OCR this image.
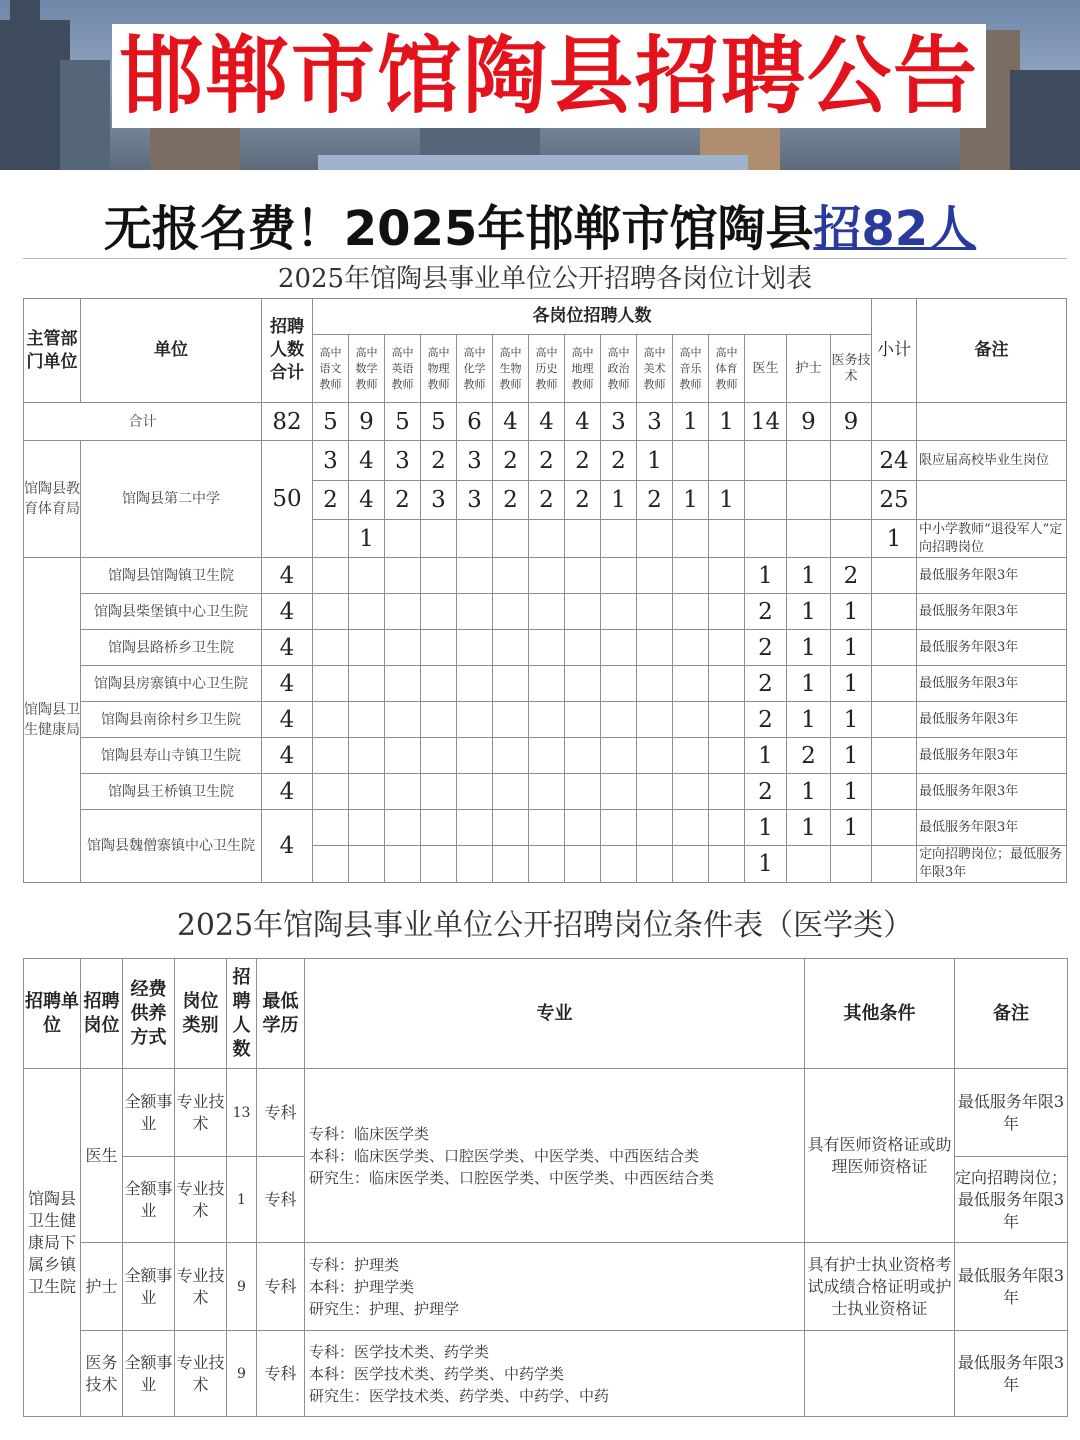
邯郸市馆陶县招聘公告
无报名费！2025年邯郸市馆陶县招82人
2025年馆陶县事业单位公开招聘各岗位计划表
主管部门单位	单位	招聘人数合计	各岗位招聘人数															小计	备注
			高中语文教师	高中数学教师	高中英语教师	高中物理教师	高中化学教师	高中生物教师	高中历史教师	高中地理教师	高中政治教师	高中美术教师	高中音乐教师	高中体育教师	医生	护士	医务技术		
合计		82	5	9	5	5	6	4	4	4	3	3	1	1	14	9	9		
馆陶县教育体育局	馆陶县第二中学	50	3	4	3	2	3	2	2	2	2	1						24	限应届高校毕业生岗位
			2	4	2	3	3	2	2	2	1	2	1	1				25	
				1														1	中小学教师“退役军人”定向招聘岗位
馆陶县卫生健康局	馆陶县馆陶镇卫生院	4													1	1	2		最低服务年限3年
	馆陶县柴堡镇中心卫生院	4													2	1	1		最低服务年限3年
	馆陶县路桥乡卫生院	4													2	1	1		最低服务年限3年
	馆陶县房寨镇中心卫生院	4													2	1	1		最低服务年限3年
	馆陶县南徐村乡卫生院	4													2	1	1		最低服务年限3年
	馆陶县寿山寺镇卫生院	4													1	2	1		最低服务年限3年
	馆陶县王桥镇卫生院	4													2	1	1		最低服务年限3年
	馆陶县魏僧寨镇中心卫生院	4													1	1	1		最低服务年限3年
															1				定向招聘岗位；最低服务年限3年
2025年馆陶县事业单位公开招聘岗位条件表（医学类）
招聘单位	招聘岗位	经费供养方式	岗位类别	招聘人数	最低学历	专业	其他条件	备注
馆陶县卫生健康局下属乡镇卫生院	医生	全额事业	专业技术	13	专科	专科：临床医学类
本科：临床医学类、口腔医学类、中医学类、中西医结合类
研究生：临床医学类、口腔医学类、中医学类、中西医结合类	具有医师资格证或助理医师资格证	最低服务年限3年
		全额事业	专业技术	1	专科			定向招聘岗位；最低服务年限3年
	护士	全额事业	专业技术	9	专科	专科：护理类
本科：护理学类
研究生：护理、护理学	具有护士执业资格考试成绩合格证明或护士执业资格证	最低服务年限3年
	医务技术	全额事业	专业技术	9	专科	专科：医学技术类、药学类
本科：医学技术类、药学类、中药学类
研究生：医学技术类、药学类、中药学、中药		最低服务年限3年
